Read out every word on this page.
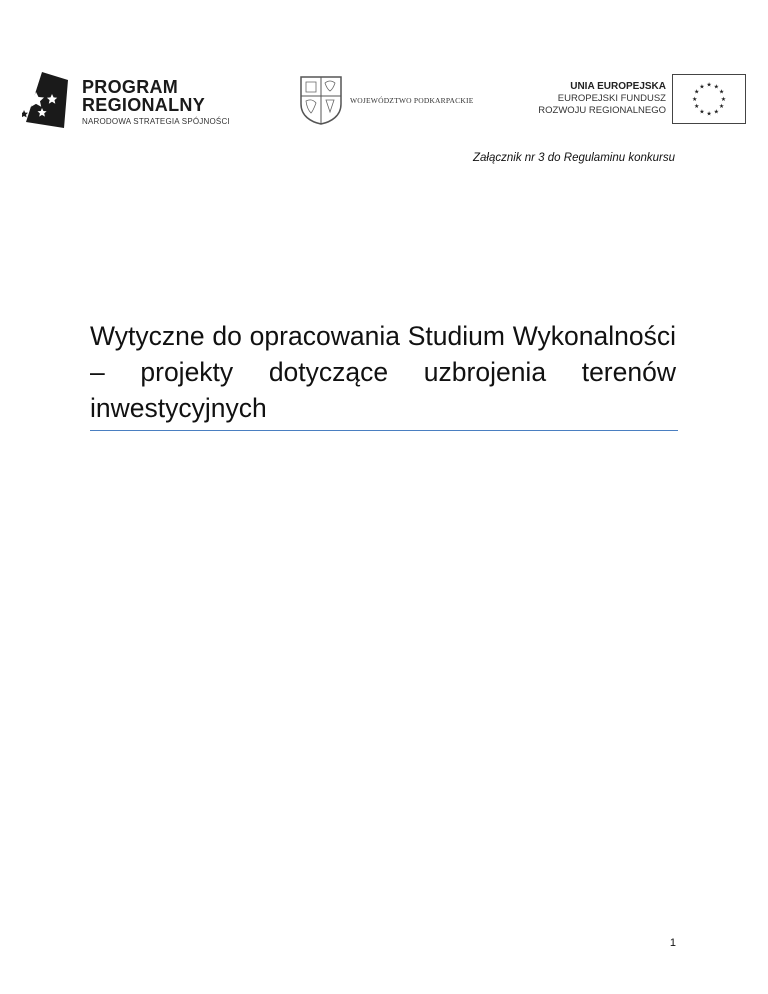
PROGRAM
REGIONALNY
NARODOWA STRATEGIA SPÓJNOŚCI
WOJEWÓDZTWO PODKARPACKIE
UNIA EUROPEJSKA
EUROPEJSKI FUNDUSZ
ROZWOJU REGIONALNEGO
★
★
★
★
★
★
★
★
★ ★ ★
★
Załącznik nr 3 do Regulaminu konkursu
Wytyczne do opracowania Studium Wykonalności – projekty dotyczące uzbrojenia terenów inwestycyjnych
1
